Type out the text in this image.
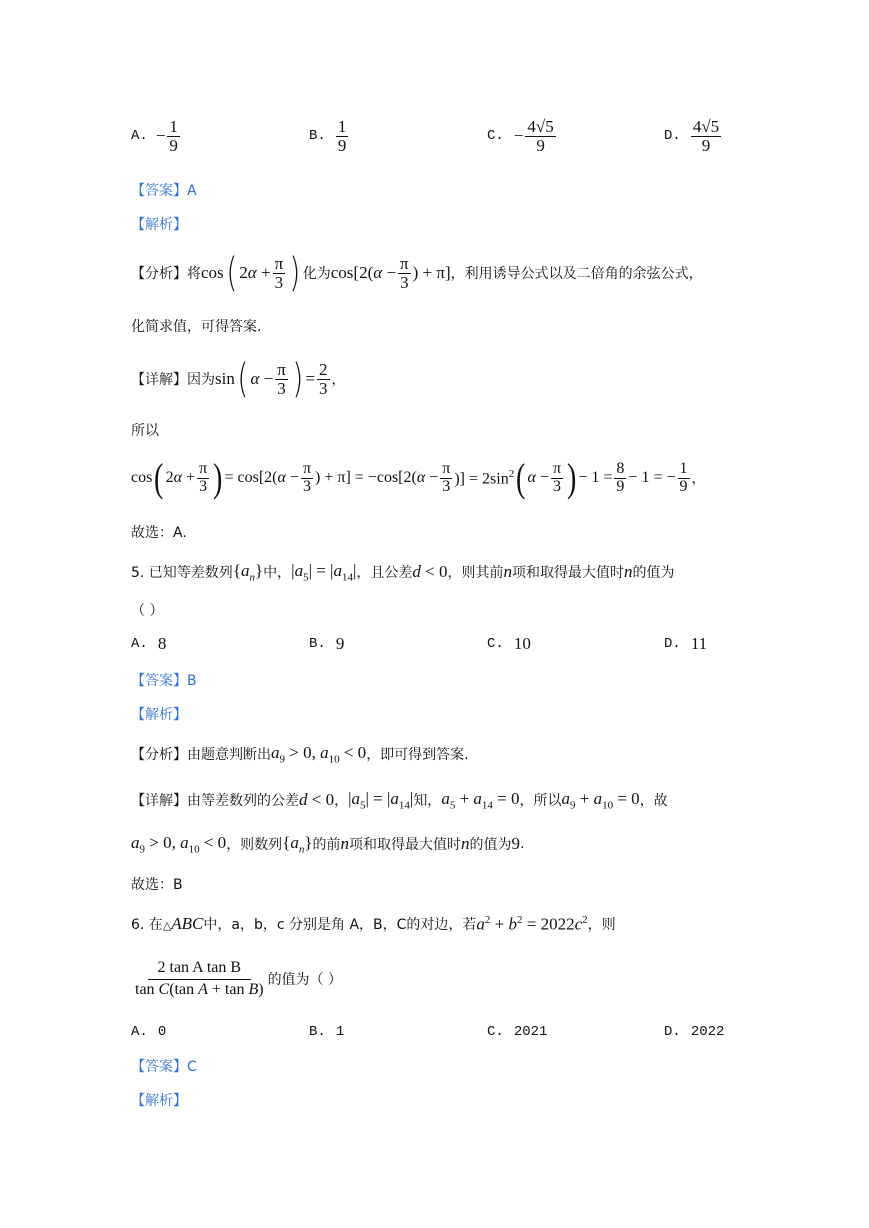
A. − $\frac{1}{9}$	B. $\frac{1}{9}$	C. − $\frac{4√5}{9}$	D. $\frac{4√5}{9}$
【答案】A
【解析】
【分析】 将 cos ( $2\alpha + \frac{\pi}{3}$ ) 化为 $\cos[2(\alpha - \frac{\pi}{3}$ ) + π] ，利用诱导公式以及二倍角的余弦公式，
化简求值，可得答案.
【详解】 因为 sin ( $\alpha - \frac{\pi}{3}$ ) = $\frac{2}{3}$ ，
所以
cos ( $2\alpha + \frac{\pi}{3}$ ) = $\cos[2(\alpha - \frac{\pi}{3}$ ) + $\pi] = -\cos[2(\alpha - \frac{\pi}{3}$ )] = $2\sin^2$ ( $\alpha - \frac{\pi}{3}$ ) − $1 = \frac{8}{9} - 1$ = − $\frac{1}{9}$ ，
故选：A.
5. 已知等差数列 $\{a_n\}$ 中， $|a_5| = |a_{14}|$ ，且公差 d < 0 ，则其前 n 项和取得最大值时 n 的值为
（ ）
A. 8	B. 9	C. 10	D. 11
【答案】B
【解析】
【分析】 由题意判断出 $a_9 > 0$, $a_{10} < 0$ ，即可得到答案.
【详解】 由等差数列的公差 d < 0 ， $|a_5| = |a_{14}|$ 知， $a_5 + a_{14} = 0$ ，所以 $a_9 + a_{10} = 0$ ，故
$a_9 > 0$, $a_{10} < 0$ ，则数列 $\{a_n\}$ 的前 n 项和取得最大值时 n 的值为 9 .
故选：B
6. 在 △ABC 中，a，b，c 分别是角 A，B，C的对边，若 $a^2 + b^2 = 2022c^2$ ，则
$\frac{\text{2 tan A tan B}}{\text{tan C(tan A + tan B)}}$ 的值为（ ）
A. 0	B. 1	C. 2021	D. 2022
【答案】C
【解析】
